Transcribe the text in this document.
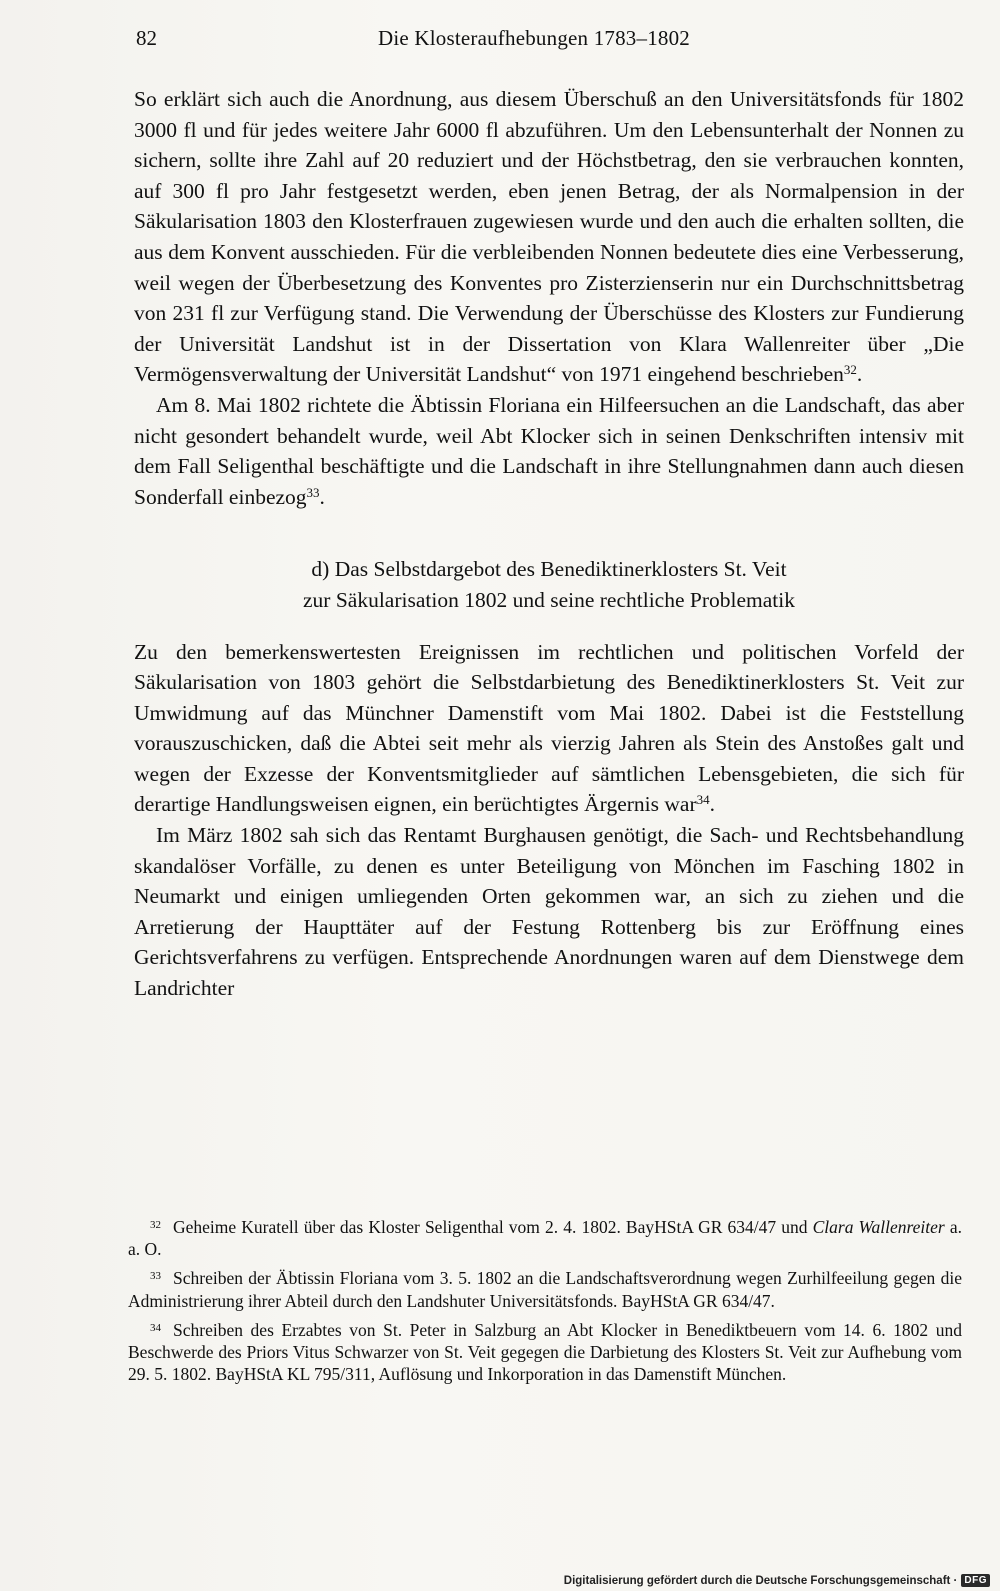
82	Die Klosteraufhebungen 1783–1802

So erklärt sich auch die Anordnung, aus diesem Überschuß an den Universitätsfonds für 1802 3000 fl und für jedes weitere Jahr 6000 fl abzuführen. Um den Lebensunterhalt der Nonnen zu sichern, sollte ihre Zahl auf 20 reduziert und der Höchstbetrag, den sie verbrauchen konnten, auf 300 fl pro Jahr festgesetzt werden, eben jenen Betrag, der als Normalpension in der Säkularisation 1803 den Klosterfrauen zugewiesen wurde und den auch die erhalten sollten, die aus dem Konvent ausschieden. Für die verbleibenden Nonnen bedeutete dies eine Verbesserung, weil wegen der Überbesetzung des Konventes pro Zisterzienserin nur ein Durchschnittsbetrag von 231 fl zur Verfügung stand. Die Verwendung der Überschüsse des Klosters zur Fundierung der Universität Landshut ist in der Dissertation von Klara Wallenreiter über „Die Vermögensverwaltung der Universität Landshut“ von 1971 eingehend beschrieben$^{32}$.

Am 8. Mai 1802 richtete die Äbtissin Floriana ein Hilfeersuchen an die Landschaft, das aber nicht gesondert behandelt wurde, weil Abt Klocker sich in seinen Denkschriften intensiv mit dem Fall Seligenthal beschäftigte und die Landschaft in ihre Stellungnahmen dann auch diesen Sonderfall einbezog$^{33}$.

d) Das Selbstdargebot des Benediktinerklosters St. Veit
zur Säkularisation 1802 und seine rechtliche Problematik

Zu den bemerkenswertesten Ereignissen im rechtlichen und politischen Vorfeld der Säkularisation von 1803 gehört die Selbstdarbietung des Benediktinerklosters St. Veit zur Umwidmung auf das Münchner Damenstift vom Mai 1802. Dabei ist die Feststellung vorauszuschicken, daß die Abtei seit mehr als vierzig Jahren als Stein des Anstoßes galt und wegen der Exzesse der Konventsmitglieder auf sämtlichen Lebensgebieten, die sich für derartige Handlungsweisen eignen, ein berüchtigtes Ärgernis war$^{34}$.

Im März 1802 sah sich das Rentamt Burghausen genötigt, die Sach- und Rechtsbehandlung skandalöser Vorfälle, zu denen es unter Beteiligung von Mönchen im Fasching 1802 in Neumarkt und einigen umliegenden Orten gekommen war, an sich zu ziehen und die Arretierung der Haupttäter auf der Festung Rottenberg bis zur Eröffnung eines Gerichtsverfahrens zu verfügen. Entsprechende Anordnungen waren auf dem Dienstwege dem Landrichter

$^{32}$ Geheime Kuratell über das Kloster Seligenthal vom 2. 4. 1802. BayHStA GR 634/47 und Clara Wallenreiter a. a. O.

$^{33}$ Schreiben der Äbtissin Floriana vom 3. 5. 1802 an die Landschaftsverordnung wegen Zurhilfeeilung gegen die Administrierung ihrer Abteil durch den Landshuter Universitätsfonds. BayHStA GR 634/47.

$^{34}$ Schreiben des Erzabtes von St. Peter in Salzburg an Abt Klocker in Benediktbeuern vom 14. 6. 1802 und Beschwerde des Priors Vitus Schwarzer von St. Veit gegegen die Darbietung des Klosters St. Veit zur Aufhebung vom 29. 5. 1802. BayHStA KL 795/311, Auflösung und Inkorporation in das Damenstift München.

Digitalisierung gefördert durch die Deutsche Forschungsgemeinschaft · DFG
